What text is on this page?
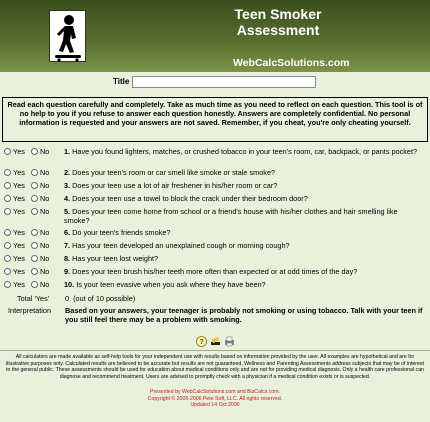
Teen Smoker
Assessment
WebCalcSolutions.com
Title
Read each question carefully and completely. Take as much time as you need to reflect on each question. This tool is of no help to you if you refuse to answer each question honestly. Answers are completely confidential. No personal information is requested and your answers are not saved. Remember, if you cheat, you're only cheating yourself.
Yes No 1. Have you found lighters, matches, or crushed tobacco in your teen's room, car, backpack, or pants pocket?
Yes No 2. Does your teen's room or car smell like smoke or stale smoke?
Yes No 3. Does your teen use a lot of air freshener in his/her room or car?
Yes No 4. Does your teen use a towel to block the crack under their bedroom door?
Yes No 5. Does your teen come home from school or a friend's house with his/her clothes and hair smelling like smoke?
Yes No 6. Do your teen's friends smoke?
Yes No 7. Has your teen developed an unexplained cough or morning cough?
Yes No 8. Has your teen lost weight?
Yes No 9. Does your teen brush his/her teeth more often than expected or at odd times of the day?
Yes No 10. Is your teen evasive when you ask where they have been?
Total 'Yes' 0 (out of 10 possible)
Interpretation Based on your answers, your teenager is probably not smoking or using tobacco. Talk with your teen if you still feel there may be a problem with smoking.
?
All calculators are made available as self-help tools for your independent use with results based on information provided by the user. All examples are hypothetical and are for illustrative purposes only. Calculated results are believed to be accurate but results are not guaranteed. Wellness and Parenting Assessments address subjects that may be of interest to the general public. These assessments should be used for education about medical conditions only and are not for providing medical diagnosis. Only a health care professional can diagnose and recommend treatment. Users are advised to promptly check with a physician if a medical condition exists or is suspected.
Presented by WebCalcSolutions.com and BizCalcs.com.
Copyright © 2005-2006 Pete Soft, LLC. All rights reserved.
Updated 14 Oct 2006
